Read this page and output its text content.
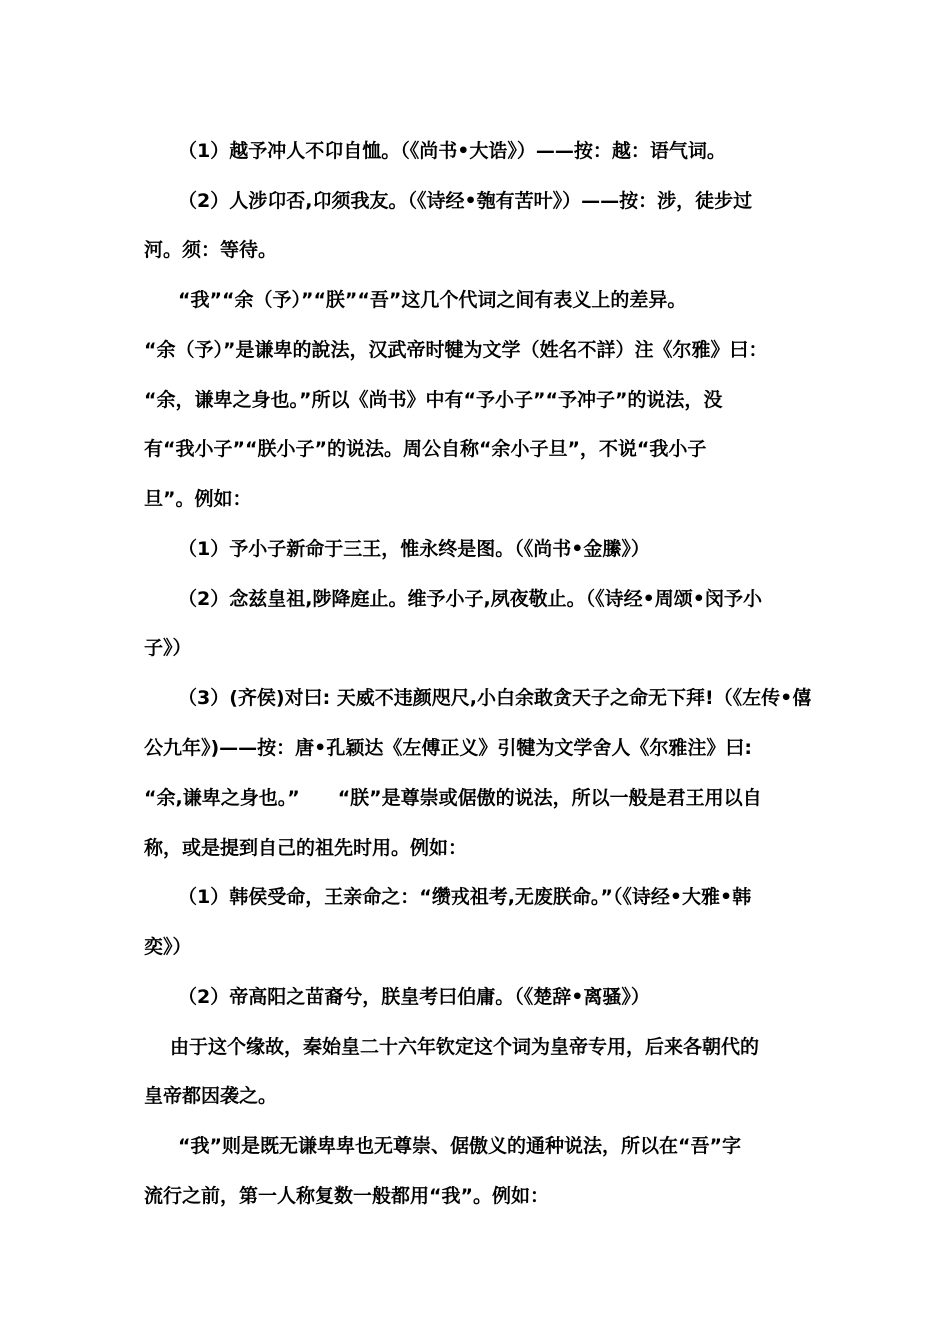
（1）越予冲人不卬自恤。（《尚书•大诰》）——按：越：语气词。
（2）人涉卬否,卬须我友。（《诗经•匏有苦叶》）——按：涉，徒步过
河。须：等待。
“我”“余（予）”“朕”“吾”这几个代词之间有表义上的差异。
“余（予）”是谦卑的說法，汉武帝时犍为文学（姓名不詳）注《尔雅》曰：
“余，谦卑之身也。”所以《尚书》中有“予小子”“予冲子”的说法，没
有“我小子”“朕小子”的说法。周公自称“余小子旦”，不说“我小子
旦”。例如：
（1）予小子新命于三王，惟永终是图。（《尚书•金縢》）
（2）念兹皇祖,陟降庭止。维予小子,夙夜敬止。（《诗经•周颂•闵予小
子》）
（3）(齐侯)对曰: 天威不违颜咫尺,小白余敢贪天子之命无下拜!（《左传•僖
公九年》)——按：唐•孔颖达《左傅正义》引犍为文学舍人《尔雅注》曰:
“余,谦卑之身也。”　　“朕”是尊崇或倨傲的说法，所以一般是君王用以自
称，或是提到自己的祖先时用。例如：
（1）韩侯受命，王亲命之：“缵戎祖考,无废朕命。”（《诗经•大雅•韩
奕》）
（2）帝高阳之苗裔兮，朕皇考曰伯庸。（《楚辞•离骚》）
由于这个缘故，秦始皇二十六年钦定这个词为皇帝专用，后来各朝代的
皇帝都因袭之。
“我”则是既无谦卑卑也无尊崇、倨傲义的通种说法，所以在“吾”字
流行之前，第一人称复数一般都用“我”。例如：
